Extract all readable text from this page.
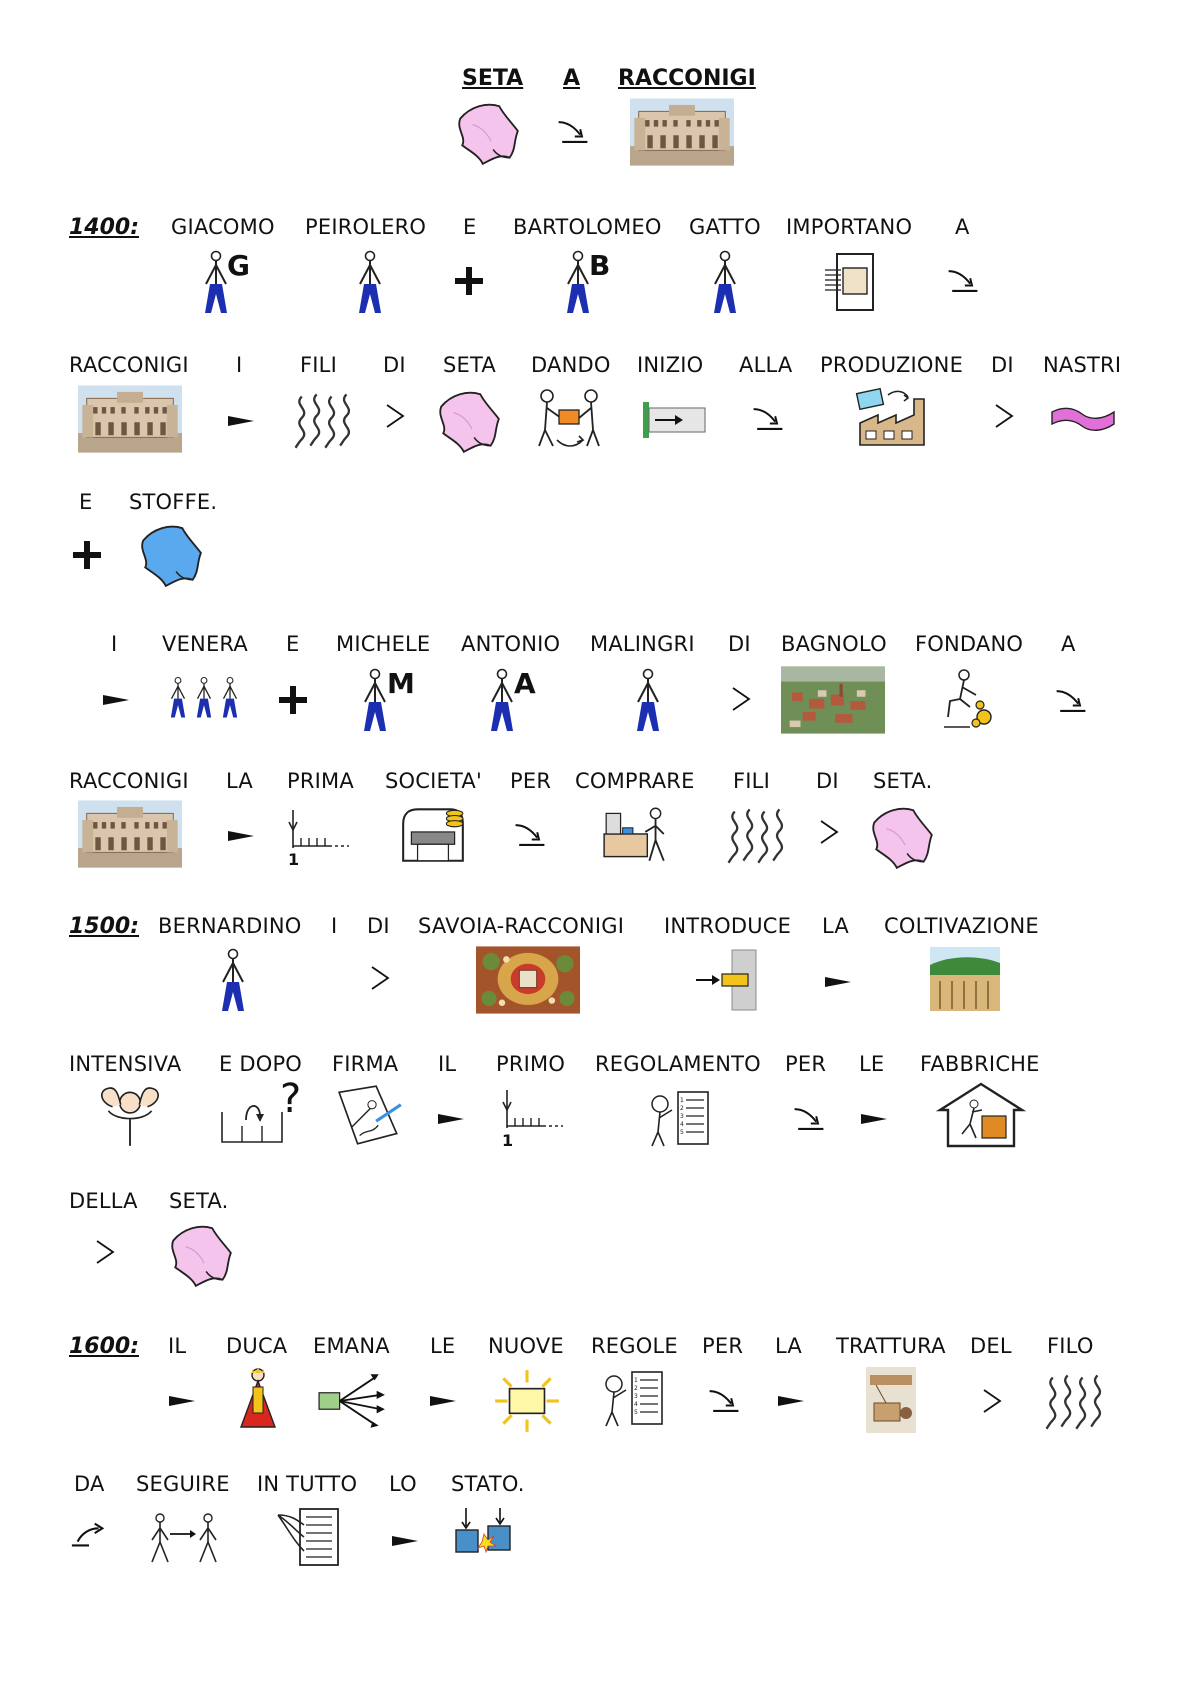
SETA A RACCONIGI
1400: GIACOMO PEIROLERO E BARTOLOMEO GATTO IMPORTANO A
G	B
RACCONIGI I	FILI DI SETA DANDO INIZIO ALLA PRODUZIONE DI NASTRI
E STOFFE.
I VENERA E MICHELE ANTONIO MALINGRI DI BAGNOLO FONDANO A
M	A
RACCONIGI LA PRIMA SOCIETA' PER COMPRARE FILI DI SETA.
1
1500: BERNARDINO I DI SAVOIA-RACCONIGI INTRODUCE LA COLTIVAZIONE
INTENSIVA E DOPO FIRMA IL PRIMO REGOLAMENTO PER LE FABBRICHE
?
1
DELLA SETA.
1600: IL DUCA EMANA LE NUOVE REGOLE PER LA TRATTURA DEL FILO
DA SEGUIRE IN TUTTO LO STATO.
